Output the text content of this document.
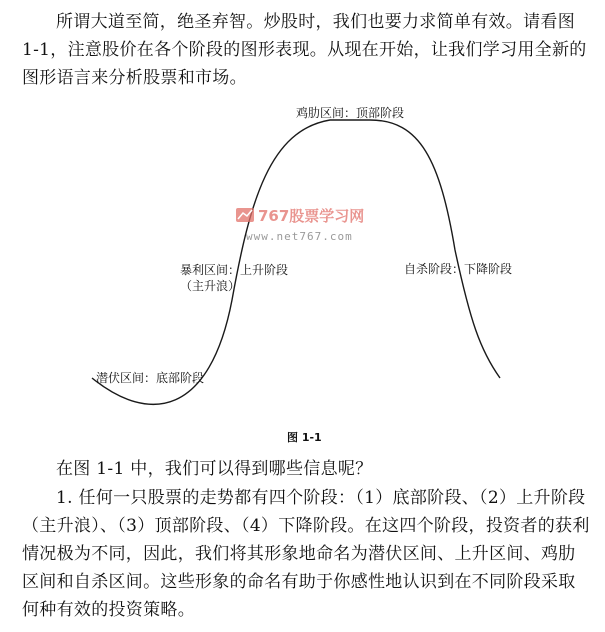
所谓大道至简，绝圣弃智。炒股时，我们也要力求简单有效。请看图 1-1，注意股价在各个阶段的图形表现。从现在开始，让我们学习用全新的图形语言来分析股票和市场。

767股票学习网
www.net767.com
鸡肋区间：顶部阶段
暴利区间：上升阶段
（主升浪）
自杀阶段：下降阶段
潜伏区间：底部阶段
图 1-1

在图 1-1 中，我们可以得到哪些信息呢？

1. 任何一只股票的走势都有四个阶段：（1）底部阶段、（2）上升阶段（主升浪）、（3）顶部阶段、（4）下降阶段。在这四个阶段，投资者的获利情况极为不同，因此，我们将其形象地命名为潜伏区间、上升区间、鸡肋区间和自杀区间。这些形象的命名有助于你感性地认识到在不同阶段采取何种有效的投资策略。
